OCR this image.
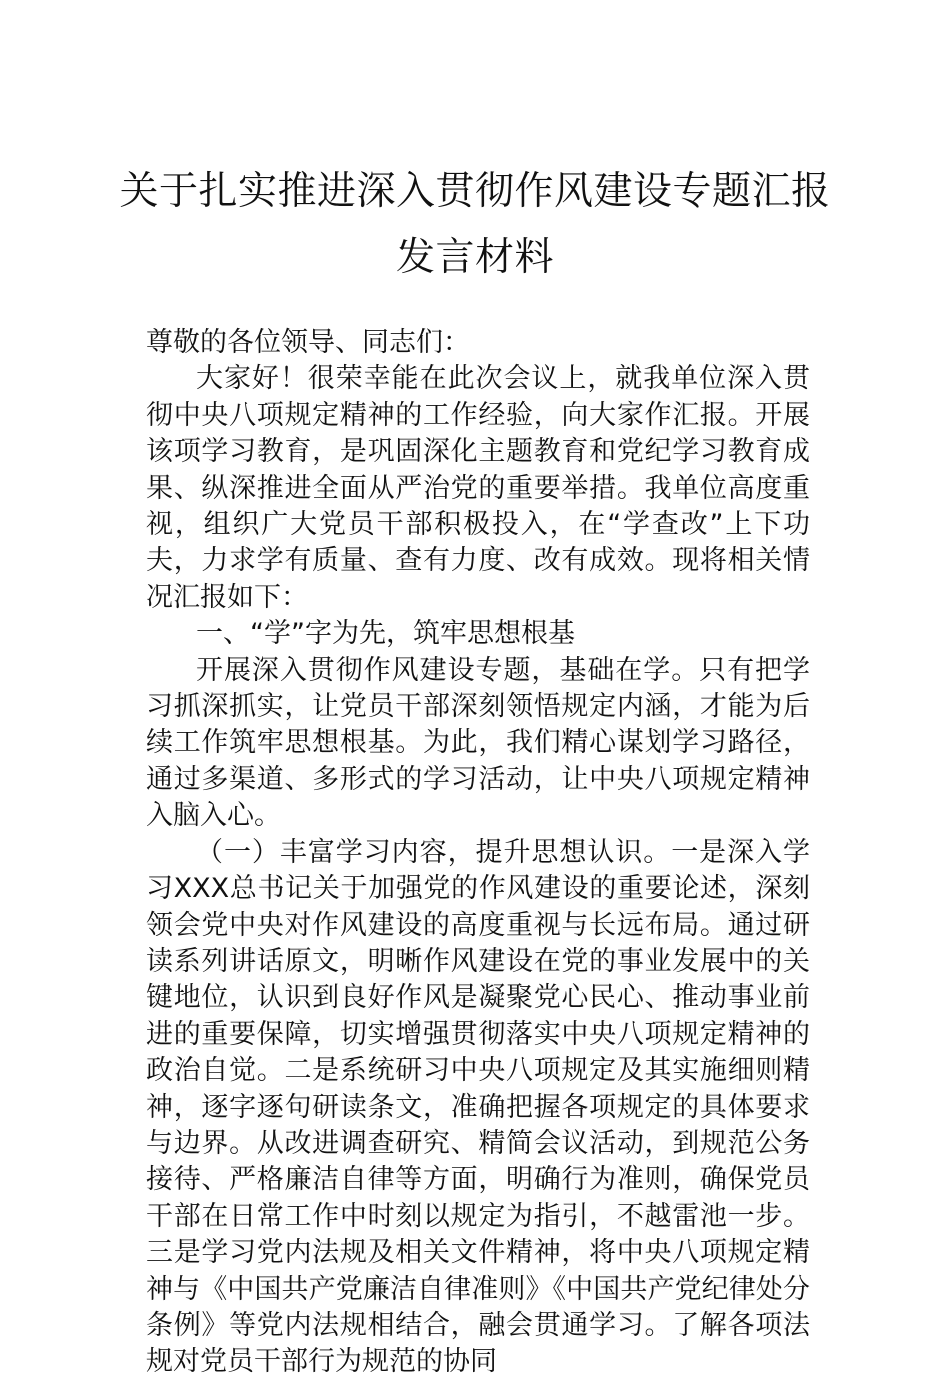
关于扎实推进深入贯彻作风建设专题汇报
发言材料

尊敬的各位领导、同志们：

大家好！很荣幸能在此次会议上，就我单位深入贯彻中央八项规定精神的工作经验，向大家作汇报。开展该项学习教育，是巩固深化主题教育和党纪学习教育成果、纵深推进全面从严治党的重要举措。我单位高度重视，组织广大党员干部积极投入，在“学查改”上下功夫，力求学有质量、查有力度、改有成效。现将相关情况汇报如下：

一、“学”字为先，筑牢思想根基

开展深入贯彻作风建设专题，基础在学。只有把学习抓深抓实，让党员干部深刻领悟规定内涵，才能为后续工作筑牢思想根基。为此，我们精心谋划学习路径，通过多渠道、多形式的学习活动，让中央八项规定精神入脑入心。

（一）丰富学习内容，提升思想认识。一是深入学习XXX总书记关于加强党的作风建设的重要论述，深刻领会党中央对作风建设的高度重视与长远布局。通过研读系列讲话原文，明晰作风建设在党的事业发展中的关键地位，认识到良好作风是凝聚党心民心、推动事业前进的重要保障，切实增强贯彻落实中央八项规定精神的政治自觉。二是系统研习中央八项规定及其实施细则精神，逐字逐句研读条文，准确把握各项规定的具体要求与边界。从改进调查研究、精简会议活动，到规范公务接待、严格廉洁自律等方面，明确行为准则，确保党员干部在日常工作中时刻以规定为指引，不越雷池一步。三是学习党内法规及相关文件精神，将中央八项规定精神与《中国共产党廉洁自律准则》《中国共产党纪律处分条例》等党内法规相结合，融会贯通学习。了解各项法规对党员干部行为规范的协同
